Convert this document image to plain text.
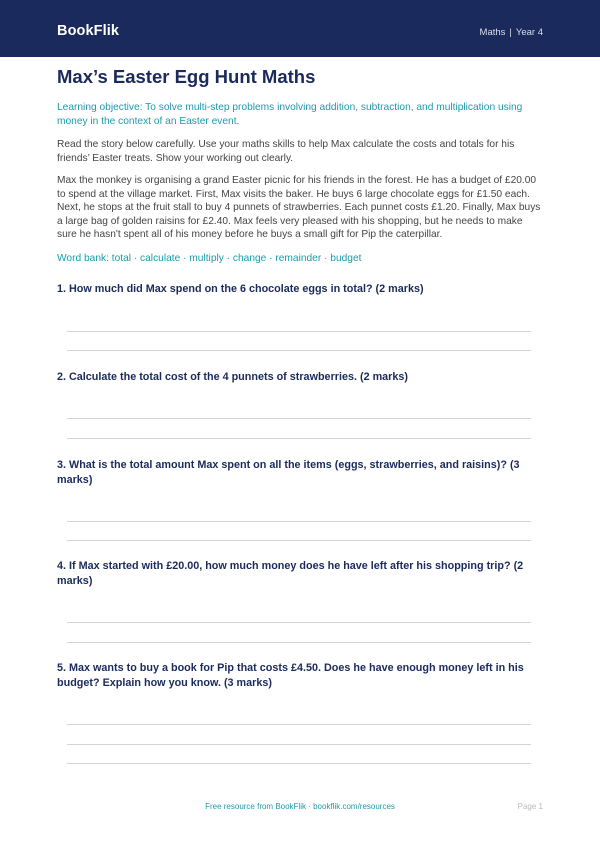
BookFlik	Maths | Year 4
Max’s Easter Egg Hunt Maths

Learning objective: To solve multi-step problems involving addition, subtraction, and multiplication using money in the context of an Easter event.

Read the story below carefully. Use your maths skills to help Max calculate the costs and totals for his friends’ Easter treats. Show your working out clearly.

Max the monkey is organising a grand Easter picnic for his friends in the forest. He has a budget of £20.00 to spend at the village market. First, Max visits the baker. He buys 6 large chocolate eggs for £1.50 each. Next, he stops at the fruit stall to buy 4 punnets of strawberries. Each punnet costs £1.20. Finally, Max buys a large bag of golden raisins for £2.40. Max feels very pleased with his shopping, but he needs to make sure he hasn't spent all of his money before he buys a small gift for Pip the caterpillar.

Word bank: total · calculate · multiply · change · remainder · budget

1. How much did Max spend on the 6 chocolate eggs in total? (2 marks)
2. Calculate the total cost of the 4 punnets of strawberries. (2 marks)
3. What is the total amount Max spent on all the items (eggs, strawberries, and raisins)? (3 marks)
4. If Max started with £20.00, how much money does he have left after his shopping trip? (2 marks)
5. Max wants to buy a book for Pip that costs £4.50. Does he have enough money left in his budget? Explain how you know. (3 marks)
Free resource from BookFlik · bookflik.com/resources	Page 1
